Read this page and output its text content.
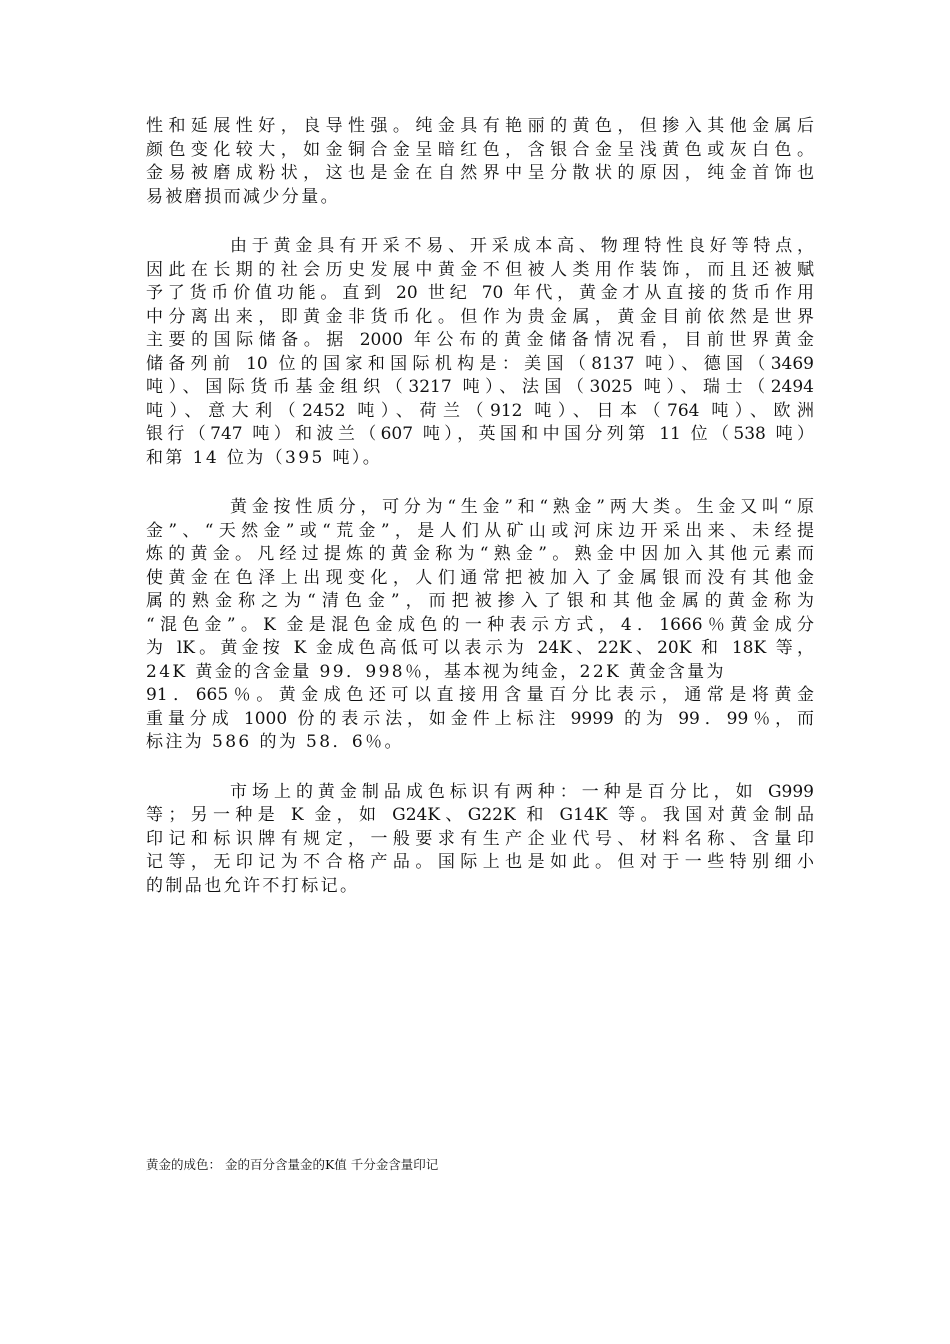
性和延展性好，良导性强。纯金具有艳丽的黄色，但掺入其他金属后
颜色变化较大，如金铜合金呈暗红色，含银合金呈浅黄色或灰白色。
金易被磨成粉状，这也是金在自然界中呈分散状的原因，纯金首饰也
易被磨损而减少分量。
由于黄金具有开采不易、开采成本高、物理特性良好等特点，
因此在长期的社会历史发展中黄金不但被人类用作装饰，而且还被赋
予了货币价值功能。直到 20 世纪 70 年代，黄金才从直接的货币作用
中分离出来，即黄金非货币化。但作为贵金属，黄金目前依然是世界
主要的国际储备。据 2000 年公布的黄金储备情况看，目前世界黄金
储备列前 10 位的国家和国际机构是：美国（8137 吨）、德国（3469
吨）、国际货币基金组织（3217 吨）、法国（3025 吨）、瑞士（2494
吨）、意大利（2452 吨）、荷兰（912 吨）、日本（764 吨）、欧洲
银行（747 吨）和波兰（607 吨），英国和中国分列第 11 位（538 吨）
和第 14 位为（395 吨）。
黄金按性质分，可分为“生金”和“熟金”两大类。生金又叫“原
金”、“天然金”或“荒金”，是人们从矿山或河床边开采出来、未经提
炼的黄金。凡经过提炼的黄金称为“熟金”。熟金中因加入其他元素而
使黄金在色泽上出现变化，人们通常把被加入了金属银而没有其他金
属的熟金称之为“清色金”，而把被掺入了银和其他金属的黄金称为
“混色金”。K 金是混色金成色的一种表示方式，4．1666％黄金成分
为 lK。黄金按 K 金成色高低可以表示为 24K、22K、20K 和 18K 等，
24K 黄金的含金量 99．998％，基本视为纯金，22K 黄金含量为
91．665％。黄金成色还可以直接用含量百分比表示，通常是将黄金
重量分成 1000 份的表示法，如金件上标注 9999 的为 99．99％，而
标注为 586 的为 58．6％。
市场上的黄金制品成色标识有两种：一种是百分比，如 G999
等；另一种是 K 金，如 G24K、G22K 和 G14K 等。我国对黄金制品
印记和标识牌有规定，一般要求有生产企业代号、材料名称、含量印
记等，无印记为不合格产品。国际上也是如此。但对于一些特别细小
的制品也允许不打标记。
黄金的成色： 金的百分含量金的K值 千分金含量印记
